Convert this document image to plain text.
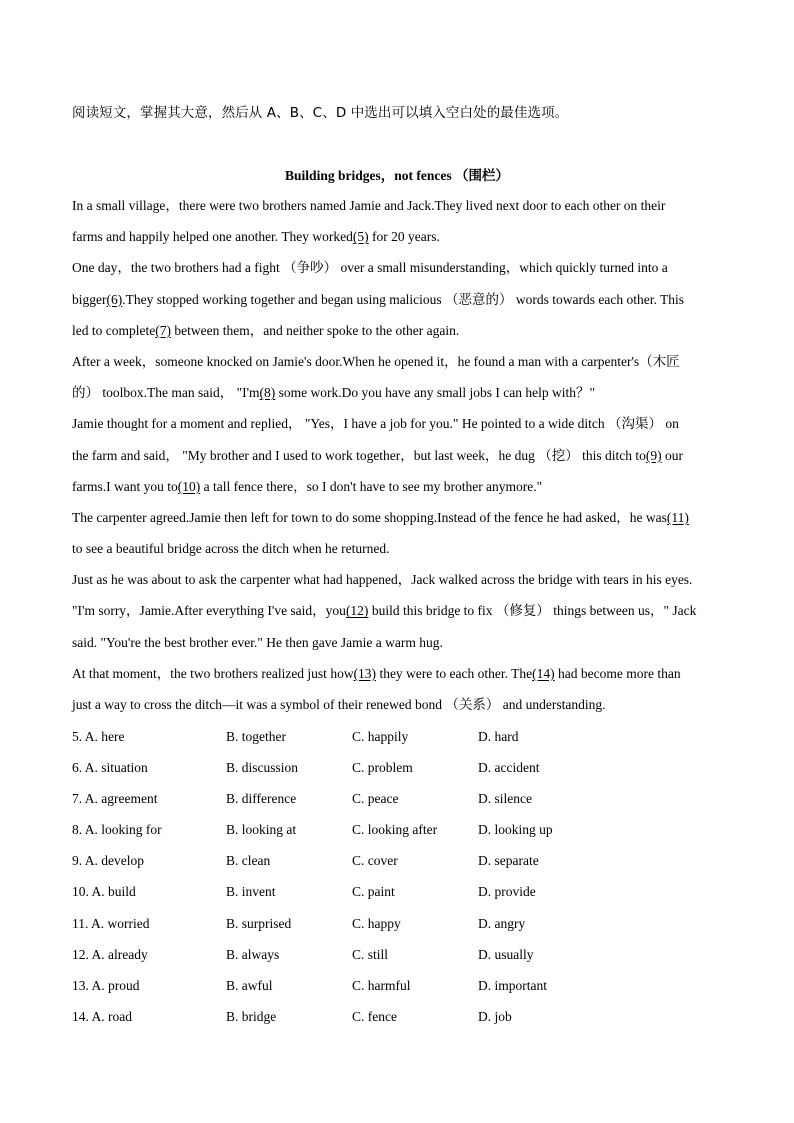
阅读短文，掌握其大意，然后从 A、B、C、D 中选出可以填入空白处的最佳选项。
Building bridges，not fences （围栏）
In a small village，there were two brothers named Jamie and Jack.They lived next door to each other on their
farms and happily helped one another. They worked(5) for 20 years.
One day，the two brothers had a fight （争吵） over a small misunderstanding，which quickly turned into a
bigger(6).They stopped working together and began using malicious （恶意的） words towards each other. This
led to complete(7) between them，and neither spoke to the other again.
After a week，someone knocked on Jamie's door.When he opened it，he found a man with a carpenter's（木匠
的） toolbox.The man said， "I'm(8) some work.Do you have any small jobs I can help with？"
Jamie thought for a moment and replied， "Yes，I have a job for you." He pointed to a wide ditch （沟渠） on
the farm and said， "My brother and I used to work together，but last week，he dug （挖） this ditch to(9) our
farms.I want you to(10) a tall fence there，so I don't have to see my brother anymore."
The carpenter agreed.Jamie then left for town to do some shopping.Instead of the fence he had asked，he was(11)
to see a beautiful bridge across the ditch when he returned.
Just as he was about to ask the carpenter what had happened，Jack walked across the bridge with tears in his eyes.
"I'm sorry，Jamie.After everything I've said，you(12) build this bridge to fix （修复） things between us，" Jack
said. "You're the best brother ever." He then gave Jamie a warm hug.
At that moment，the two brothers realized just how(13) they were to each other. The(14) had become more than
just a way to cross the ditch—it was a symbol of their renewed bond （关系） and understanding.
5. A. here	B. together	C. happily	D. hard
6. A. situation	B. discussion	C. problem	D. accident
7. A. agreement	B. difference	C. peace	D. silence
8. A. looking for	B. looking at	C. looking after	D. looking up
9. A. develop	B. clean	C. cover	D. separate
10. A. build	B. invent	C. paint	D. provide
11. A. worried	B. surprised	C. happy	D. angry
12. A. already	B. always	C. still	D. usually
13. A. proud	B. awful	C. harmful	D. important
14. A. road	B. bridge	C. fence	D. job
